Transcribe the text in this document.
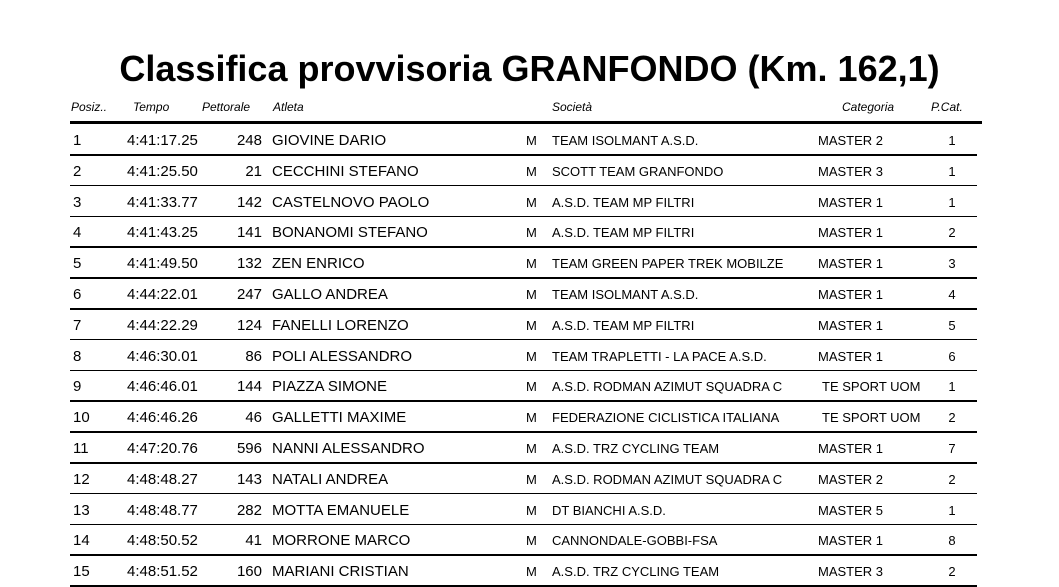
Classifica provvisoria GRANFONDO (Km. 162,1)
Posiz.. Tempo	Pettorale Atleta	Società	Categoria	P.Cat.
1	4:41:17.25	248 GIOVINE DARIO	M TEAM ISOLMANT A.S.D.	MASTER 2	1
2	4:41:25.50	21 CECCHINI STEFANO	M SCOTT TEAM GRANFONDO	MASTER 3	1
3	4:41:33.77	142 CASTELNOVO PAOLO	M A.S.D. TEAM MP FILTRI	MASTER 1	1
4	4:41:43.25	141 BONANOMI STEFANO	M A.S.D. TEAM MP FILTRI	MASTER 1	2
5	4:41:49.50	132 ZEN ENRICO	M TEAM GREEN PAPER TREK MOBILZE	MASTER 1	3
6	4:44:22.01	247 GALLO ANDREA	M TEAM ISOLMANT A.S.D.	MASTER 1	4
7	4:44:22.29	124 FANELLI LORENZO	M A.S.D. TEAM MP FILTRI	MASTER 1	5
8	4:46:30.01	86 POLI ALESSANDRO	M TEAM TRAPLETTI - LA PACE A.S.D.	MASTER 1	6
9	4:46:46.01	144 PIAZZA SIMONE	M A.S.D. RODMAN AZIMUT SQUADRA C	TE SPORT UOM	1
10 4:46:46.26	46 GALLETTI MAXIME	M FEDERAZIONE CICLISTICA ITALIANA	TE SPORT UOM	2
11	4:47:20.76	596 NANNI ALESSANDRO	M A.S.D. TRZ CYCLING TEAM	MASTER 1	7
12 4:48:48.27	143 NATALI ANDREA	M A.S.D. RODMAN AZIMUT SQUADRA C	MASTER 2	2
13 4:48:48.77	282 MOTTA EMANUELE	M DT BIANCHI A.S.D.	MASTER 5	1
14 4:48:50.52	41 MORRONE MARCO	M CANNONDALE-GOBBI-FSA	MASTER 1	8
15 4:48:51.52	160 MARIANI CRISTIAN	M A.S.D. TRZ CYCLING TEAM	MASTER 3	2
